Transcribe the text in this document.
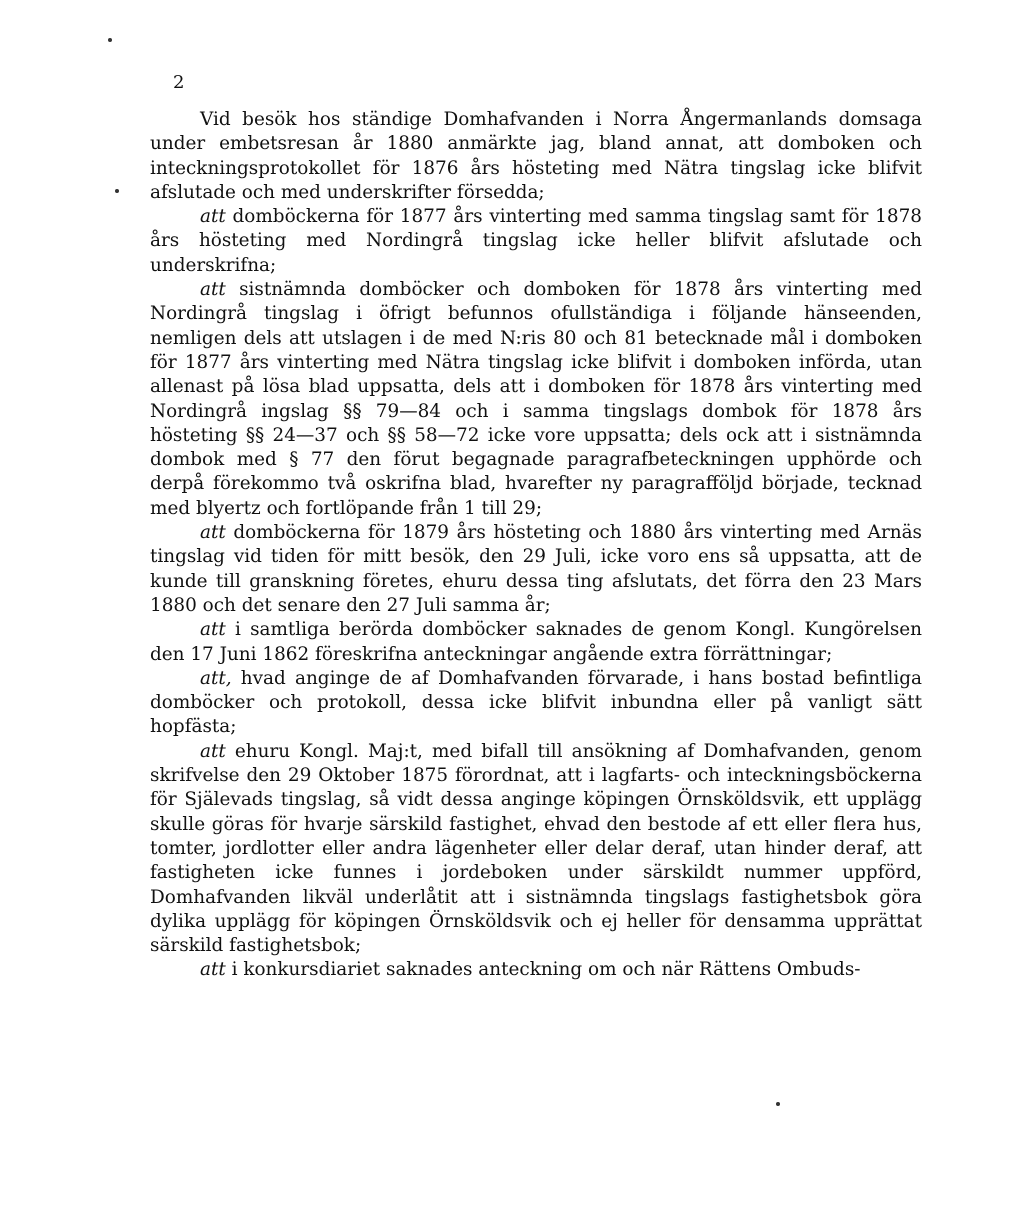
2

Vid besök hos ständige Domhafvanden i Norra Ångermanlands domsaga under embetsresan år 1880 anmärkte jag, bland annat, att domboken och inteckningsprotokollet för 1876 års hösteting med Nätra tingslag icke blifvit afslutade och med underskrifter försedda;

att domböckerna för 1877 års vinterting med samma tingslag samt för 1878 års hösteting med Nordingrå tingslag icke heller blifvit afslutade och underskrifna;

att sistnämnda domböcker och domboken för 1878 års vinterting med Nordingrå tingslag i öfrigt befunnos ofullständiga i följande hänseenden, nemligen dels att utslagen i de med N:ris 80 och 81 betecknade mål i domboken för 1877 års vinterting med Nätra tingslag icke blifvit i domboken införda, utan allenast på lösa blad uppsatta, dels att i domboken för 1878 års vinterting med Nordingrå ingslag §§ 79—84 och i samma tingslags dombok för 1878 års hösteting §§ 24—37 och §§ 58—72 icke vore uppsatta; dels ock att i sistnämnda dombok med § 77 den förut begagnade paragrafbeteckningen upphörde och derpå förekommo två oskrifna blad, hvarefter ny paragrafföljd började, tecknad med blyertz och fortlöpande från 1 till 29;

att domböckerna för 1879 års hösteting och 1880 års vinterting med Arnäs tingslag vid tiden för mitt besök, den 29 Juli, icke voro ens så uppsatta, att de kunde till granskning företes, ehuru dessa ting afslutats, det förra den 23 Mars 1880 och det senare den 27 Juli samma år;

att i samtliga berörda domböcker saknades de genom Kongl. Kungörelsen den 17 Juni 1862 föreskrifna anteckningar angående extra förrättningar;

att, hvad anginge de af Domhafvanden förvarade, i hans bostad befintliga domböcker och protokoll, dessa icke blifvit inbundna eller på vanligt sätt hopfästa;

att ehuru Kongl. Maj:t, med bifall till ansökning af Domhafvanden, genom skrifvelse den 29 Oktober 1875 förordnat, att i lagfarts- och inteckningsböckerna för Själevads tingslag, så vidt dessa anginge köpingen Örnsköldsvik, ett upplägg skulle göras för hvarje särskild fastighet, ehvad den bestode af ett eller flera hus, tomter, jordlotter eller andra lägenheter eller delar deraf, utan hinder deraf, att fastigheten icke funnes i jordeboken under särskildt nummer uppförd, Domhafvanden likväl underlåtit att i sistnämnda tingslags fastighetsbok göra dylika upplägg för köpingen Örnsköldsvik och ej heller för densamma upprättat särskild fastighetsbok;

att i konkursdiariet saknades anteckning om och när Rättens Ombuds-
